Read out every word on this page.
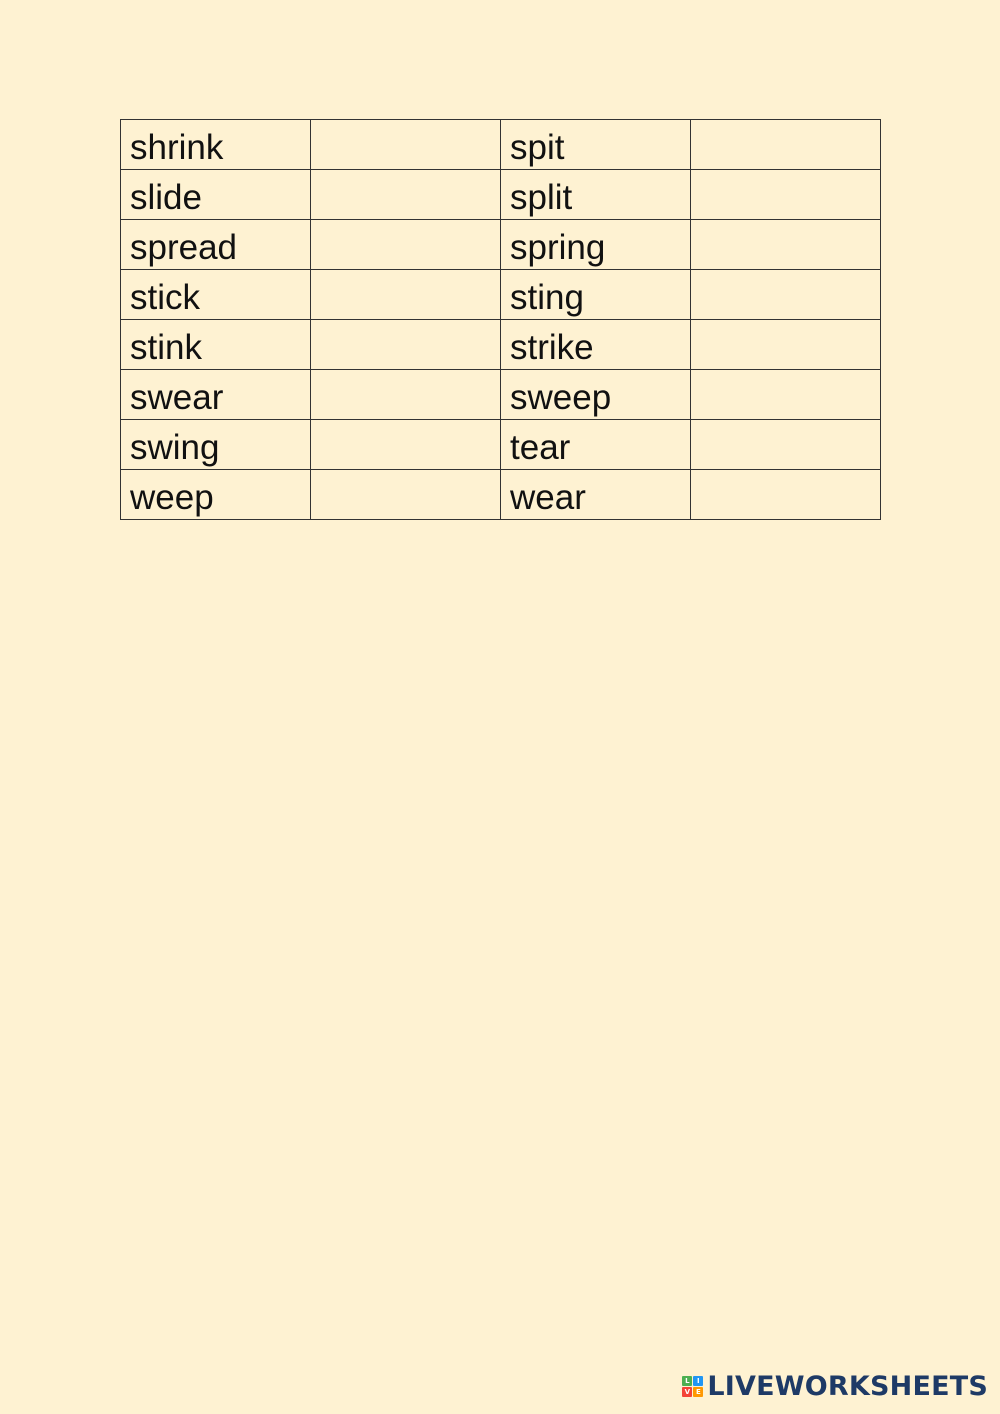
shrink		spit	
slide		split	
spread		spring	
stick		sting	
stink		strike	
swear		sweep	
swing		tear	
weep		wear	
L	I
V E LIVEWORKSHEETS
